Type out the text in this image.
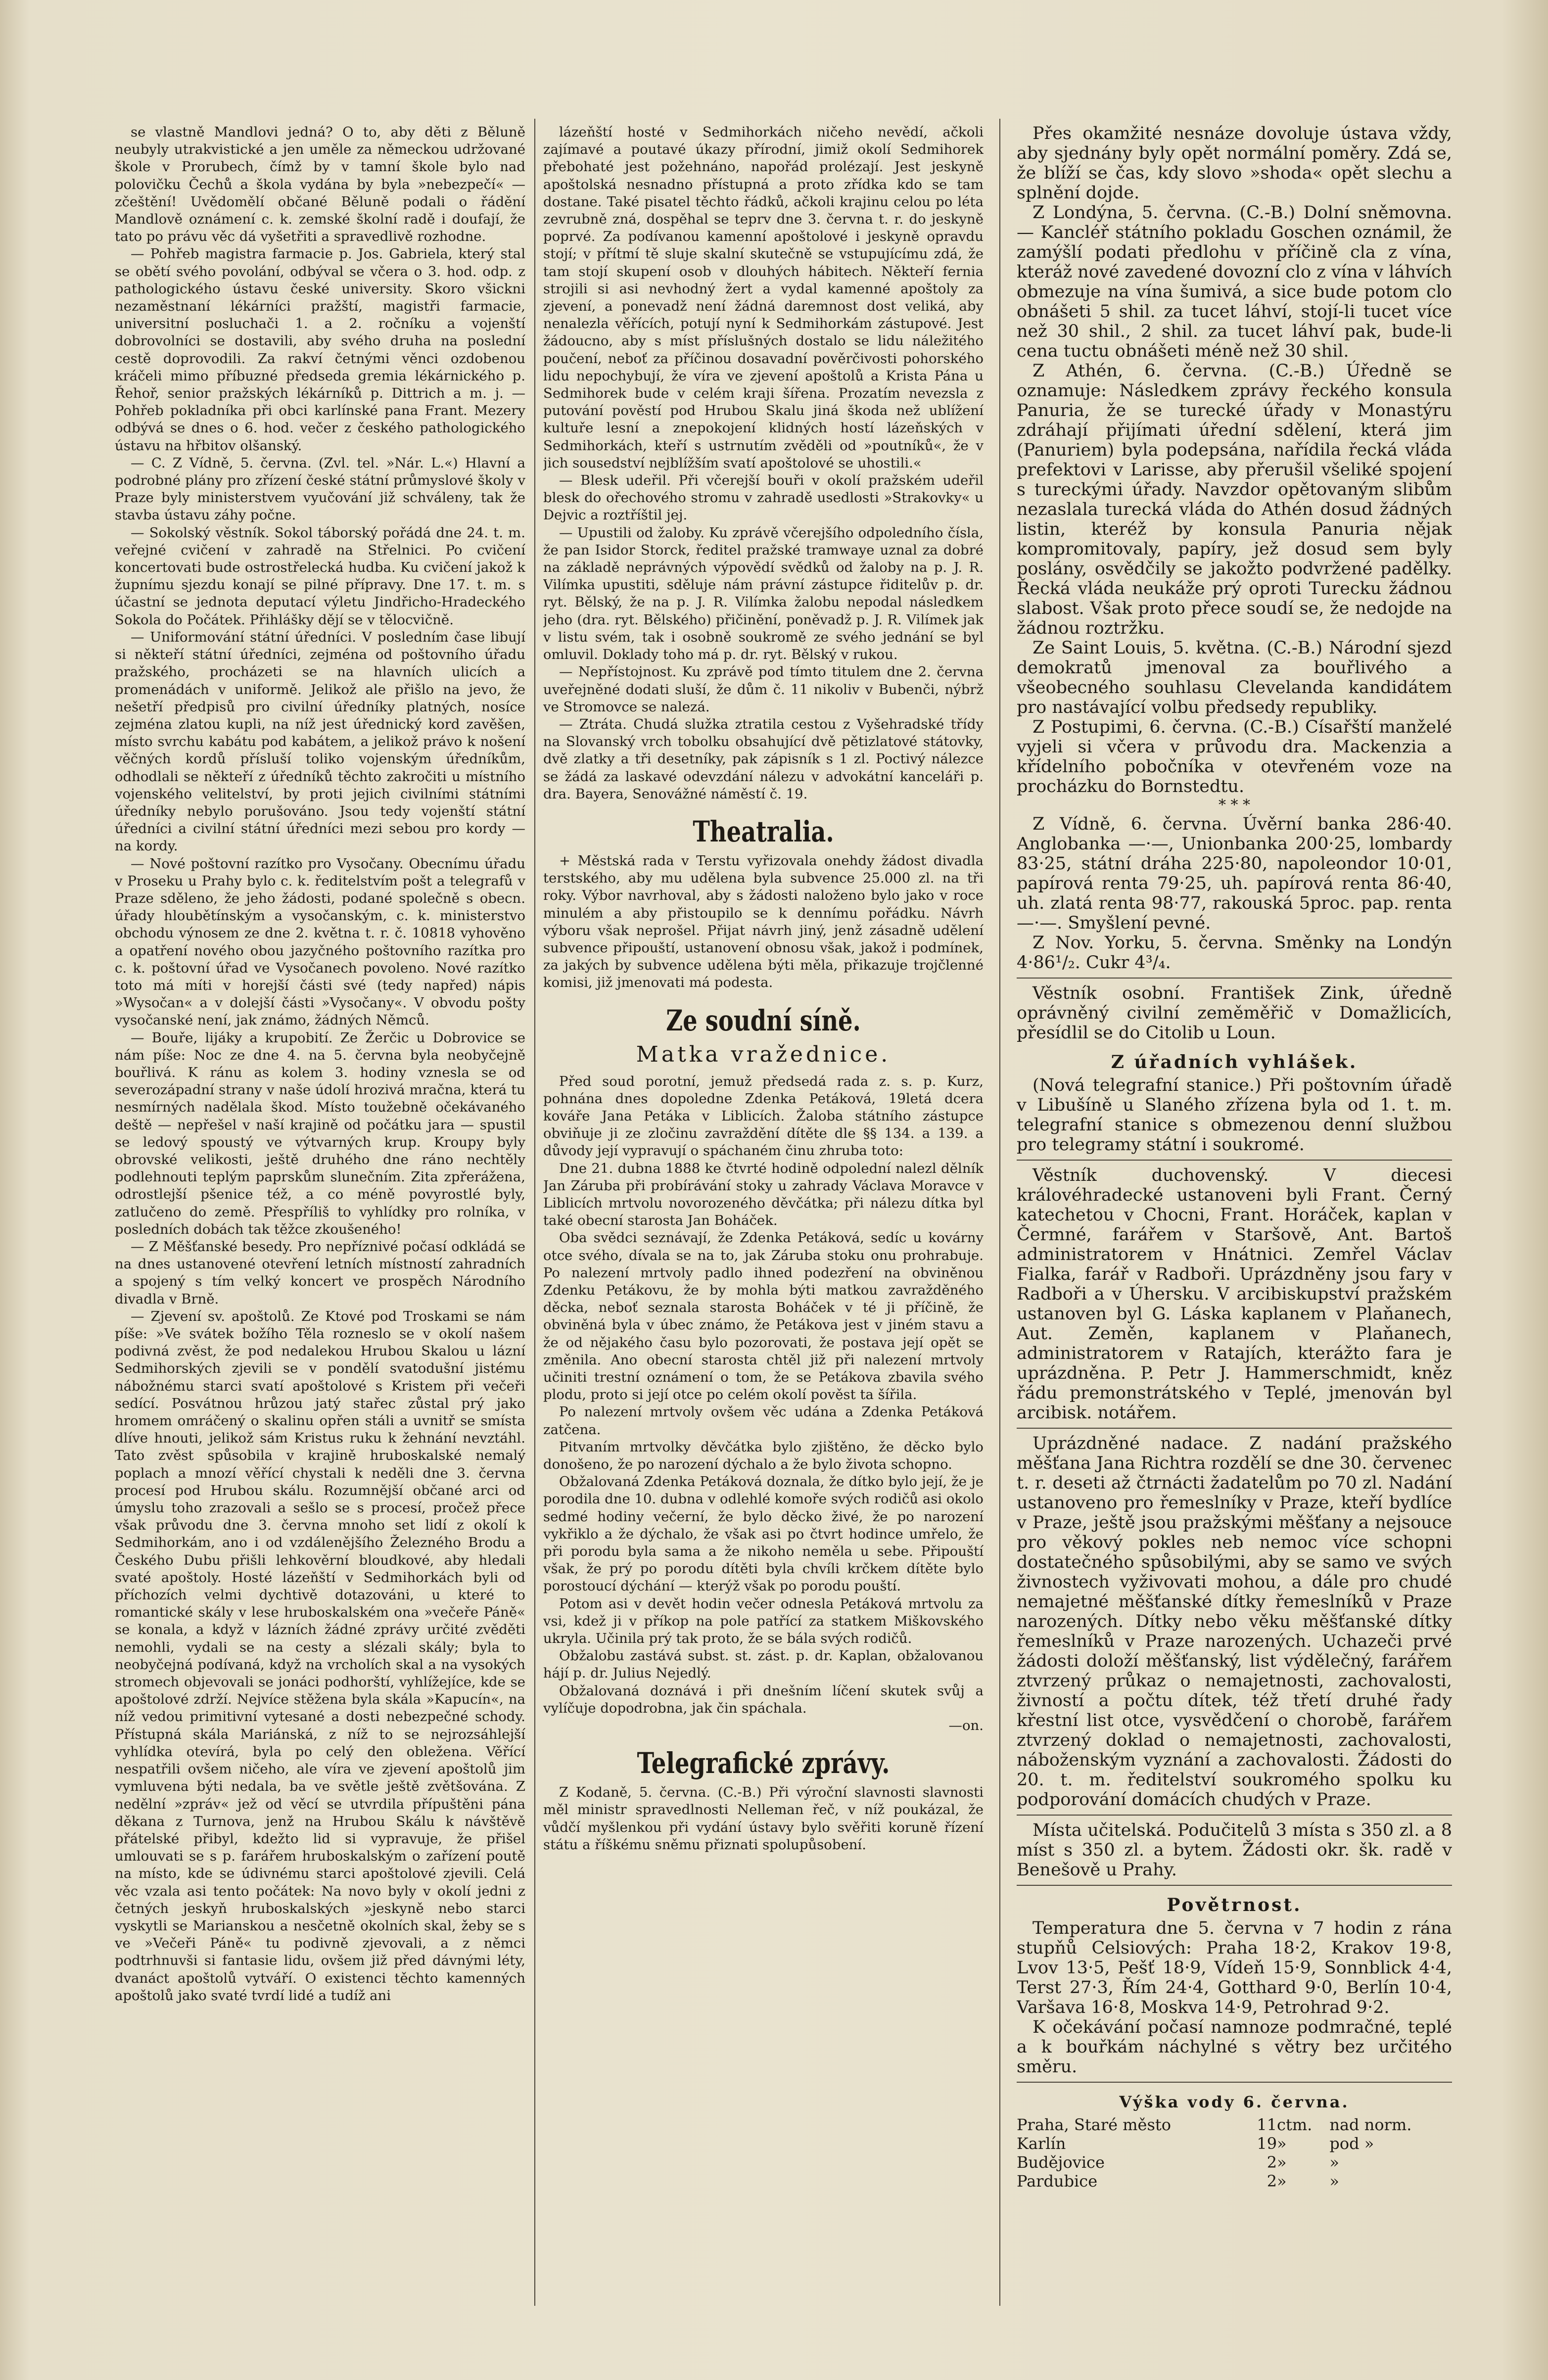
se vlastně Mandlovi jedná? O to, aby děti z Běluně neubyly utrakvistické a jen uměle za německou udržované škole v Prorubech, čímž by v tamní škole bylo nad polovičku Čechů a škola vydána by byla »nebezpečí« — zčeštění! Uvědomělí občané Běluně podali o řádění Mandlově oznámení c. k. zemské školní radě i doufají, že tato po právu věc dá vyšetřiti a spravedlivě rozhodne.

— Pohřeb magistra farmacie p. Jos. Gabriela, který stal se obětí svého povolání, odbýval se včera o 3. hod. odp. z pathologického ústavu české university. Skoro všickni nezaměstnaní lékárníci pražští, magistři farmacie, universitní posluchači 1. a 2. ročníku a vojenští dobrovolníci se dostavili, aby svého druha na poslední cestě doprovodili. Za rakví četnými věnci ozdobenou kráčeli mimo příbuzné předseda gremia lékárnického p. Řehoř, senior pražských lékárníků p. Dittrich a m. j. — Pohřeb pokladníka při obci karlínské pana Frant. Mezery odbývá se dnes o 6. hod. večer z českého pathologického ústavu na hřbitov olšanský.

— C. Z Vídně, 5. června. (Zvl. tel. »Nár. L.«) Hlavní a podrobné plány pro zřízení české státní průmyslové školy v Praze byly ministerstvem vyučování již schváleny, tak že stavba ústavu záhy počne.

— Sokolský věstník. Sokol táborský pořádá dne 24. t. m. veřejné cvičení v zahradě na Střelnici. Po cvičení koncertovati bude ostrostřelecká hudba. Ku cvičení jakož k župnímu sjezdu konají se pilné přípravy. Dne 17. t. m. s účastní se jednota deputací výletu Jindřicho-Hradeckého Sokola do Počátek. Přihlášky dějí se v tělocvičně.

— Uniformování státní úředníci. V posledním čase libují si někteří státní úředníci, zejména od poštovního úřadu pražského, procházeti se na hlavních ulicích a promenádách v uniformě. Jelikož ale přišlo na jevo, že nešetří předpisů pro civilní úředníky platných, nosíce zejména zlatou kupli, na níž jest úřednický kord zavěšen, místo svrchu kabátu pod kabátem, a jelikož právo k nošení věčných kordů přísluší toliko vojenským úředníkům, odhodlali se někteří z úředníků těchto zakročiti u místního vojenského velitelství, by proti jejich civilními státními úředníky nebylo porušováno. Jsou tedy vojenští státní úředníci a civilní státní úředníci mezi sebou pro kordy — na kordy.

— Nové poštovní razítko pro Vysočany. Obecnímu úřadu v Proseku u Prahy bylo c. k. ředitelstvím pošt a telegrafů v Praze sděleno, že jeho žádosti, podané společně s obecn. úřady hloubětínským a vysočanským, c. k. ministerstvo obchodu výnosem ze dne 2. května t. r. č. 10818 vyhověno a opatření nového obou jazyčného poštovního razítka pro c. k. poštovní úřad ve Vysočanech povoleno. Nové razítko toto má míti v horejší části své (tedy napřed) nápis »Wysočan« a v dolejší části »Vysočany«. V obvodu pošty vysočanské není, jak známo, žádných Němců.

— Bouře, lijáky a krupobití. Ze Žerčic u Dobrovice se nám píše: Noc ze dne 4. na 5. června byla neobyčejně bouřlivá. K ránu as kolem 3. hodiny vznesla se od severozápadní strany v naše údolí hrozivá mračna, která tu nesmírných nadělala škod. Místo toužebně očekávaného deště — nepřešel v naší krajině od počátku jara — spustil se ledový spoustý ve výtvarných krup. Kroupy byly obrovské velikosti, ještě druhého dne ráno nechtěly podlehnouti teplým paprskům slunečním. Zita zpřerážena, odrostlejší pšenice též, a co méně povyrostlé byly, zatlučeno do země. Přespříliš to vyhlídky pro rolníka, v posledních dobách tak těžce zkoušeného!

— Z Měšťanské besedy. Pro nepříznivé počasí odkládá se na dnes ustanovené otevření letních místností zahradních a spojený s tím velký koncert ve prospěch Národního divadla v Brně.

— Zjevení sv. apoštolů. Ze Ktové pod Troskami se nám píše: »Ve svátek božího Těla rozneslo se v okolí našem podivná zvěst, že pod nedalekou Hrubou Skalou u lázní Sedmihorských zjevili se v pondělí svatodušní jistému nábožnému starci svatí apoštolové s Kristem při večeři sedící. Posvátnou hrůzou jatý stařec zůstal prý jako hromem omráčený o skalinu opřen stáli a uvnitř se smísta dlíve hnouti, jelikož sám Kristus ruku k žehnání nevztáhl. Tato zvěst spůsobila v krajině hruboskalské nemalý poplach a mnozí věřící chystali k neděli dne 3. června procesí pod Hrubou skálu. Rozumnější občané arci od úmyslu toho zrazovali a sešlo se s procesí, pročež přece však průvodu dne 3. června mnoho set lidí z okolí k Sedmihorkám, ano i od vzdálenějšího Železného Brodu a Českého Dubu přišli lehkověrní bloudkové, aby hledali svaté apoštoly. Hosté lázeňští v Sedmihorkách byli od příchozích velmi dychtivě dotazováni, u které to romantické skály v lese hruboskalském ona »večeře Páně« se konala, a když v lázních žádné zprávy určité zvěděti nemohli, vydali se na cesty a slézali skály; byla to neobyčejná podívaná, když na vrcholích skal a na vysokých stromech objevovali se jonáci podhorští, vyhlížejíce, kde se apoštolové zdrží. Nejvíce stěžena byla skála »Kapucín«, na níž vedou primitivní vytesané a dosti nebezpečné schody. Přístupná skála Mariánská, z níž to se nejrozsáhlejší vyhlídka otevírá, byla po celý den obležena. Věřící nespatřili ovšem ničeho, ale víra ve zjevení apoštolů jim vymluvena býti nedala, ba ve světle ještě zvětšována. Z nedělní »zpráv« jež od věcí se utvrdila přípuštěni pána děkana z Turnova, jenž na Hrubou Skálu k návštěvě přátelské přibyl, kdežto lid si vypravuje, že přišel umlouvati se s p. farářem hruboskalským o zařízení poutě na místo, kde se údivnému starci apoštolové zjevili. Celá věc vzala asi tento počátek: Na novo byly v okolí jedni z četných jeskyň hruboskalských »jeskyně nebo starci vyskytli se Marianskou a nesčetně okolních skal, žeby se s ve »Večeři Páně« tu podivně zjevovali, a z němci podtrhnuvši si fantasie lidu, ovšem již před dávnými léty, dvanáct apoštolů vytváří. O existenci těchto kamenných apoštolů jako svaté tvrdí lidé a tudíž ani

lázeňští hosté v Sedmihorkách ničeho nevědí, ačkoli zajímavé a poutavé úkazy přírodní, jimiž okolí Sedmihorek přebohaté jest požehnáno, napořád prolézají. Jest jeskyně apoštolská nesnadno přístupná a proto zřídka kdo se tam dostane. Také pisatel těchto řádků, ačkoli krajinu celou po léta zevrubně zná, dospěhal se teprv dne 3. června t. r. do jeskyně poprvé. Za podívanou kamenní apoštolové i jeskyně opravdu stojí; v přítmí tě sluje skalní skutečně se vstupujícímu zdá, že tam stojí skupení osob v dlouhých hábitech. Někteří fernia strojili si asi nevhodný žert a vydal kamenné apoštoly za zjevení, a ponevadž není žádná daremnost dost veliká, aby nenalezla věřících, potují nyní k Sedmihorkám zástupové. Jest žádoucno, aby s míst příslušných dostalo se lidu náležitého poučení, neboť za příčinou dosavadní pověrčivosti pohorského lidu nepochybují, že víra ve zjevení apoštolů a Krista Pána u Sedmihorek bude v celém kraji šířena. Prozatím nevezsla z putování pověstí pod Hrubou Skalu jiná škoda než ublížení kultuře lesní a znepokojení klidných hostí lázeňských v Sedmihorkách, kteří s ustrnutím zvěděli od »poutníků«, že v jich sousedství nejblížším svatí apoštolové se uhostili.«

— Blesk udeřil. Při včerejší bouři v okolí pražském udeřil blesk do ořechového stromu v zahradě usedlosti »Strakovky« u Dejvic a roztříštil jej.

— Upustili od žaloby. Ku zprávě včerejšího odpoledního čísla, že pan Isidor Storck, ředitel pražské tramwaye uznal za dobré na základě neprávných výpovědí svědků od žaloby na p. J. R. Vilímka upustiti, sděluje nám právní zástupce řiditelův p. dr. ryt. Bělský, že na p. J. R. Vilímka žalobu nepodal následkem jeho (dra. ryt. Bělského) přičinění, poněvadž p. J. R. Vilímek jak v listu svém, tak i osobně soukromě ze svého jednání se byl omluvil. Doklady toho má p. dr. ryt. Bělský v rukou.

— Nepřístojnost. Ku zprávě pod tímto titulem dne 2. června uveřejněné dodati sluší, že dům č. 11 nikoliv v Bubenči, nýbrž ve Stromovce se nalezá.

— Ztráta. Chudá služka ztratila cestou z Vyšehradské třídy na Slovanský vrch tobolku obsahující dvě pětizlatové státovky, dvě zlatky a tři desetníky, pak zápisník s 1 zl. Poctivý nálezce se žádá za laskavé odevzdání nálezu v advokátní kanceláři p. dra. Bayera, Senovážné náměstí č. 19.

Theatralia.

+ Městská rada v Terstu vyřizovala onehdy žádost divadla terstského, aby mu udělena byla subvence 25.000 zl. na tři roky. Výbor navrhoval, aby s žádosti naloženo bylo jako v roce minulém a aby přistoupilo se k dennímu pořádku. Návrh výboru však neprošel. Přijat návrh jiný, jenž zásadně udělení subvence připouští, ustanovení obnosu však, jakož i podmínek, za jakých by subvence udělena býti měla, přikazuje trojčlenné komisi, již jmenovati má podesta.

Ze soudní síně.
Matka vražednice.

Před soud porotní, jemuž předsedá rada z. s. p. Kurz, pohnána dnes dopoledne Zdenka Petáková, 19letá dcera kováře Jana Petáka v Liblicích. Žaloba státního zástupce obviňuje ji ze zločinu zavraždění dítěte dle §§ 134. a 139. a důvody její vypravují o spáchaném činu zhruba toto:

Dne 21. dubna 1888 ke čtvrté hodině odpolední nalezl dělník Jan Záruba při probírávání stoky u zahrady Václava Moravce v Liblicích mrtvolu novorozeného děvčátka; při nálezu dítka byl také obecní starosta Jan Boháček.

Oba svědci seznávají, že Zdenka Petáková, sedíc u kovárny otce svého, dívala se na to, jak Záruba stoku onu prohrabuje. Po nalezení mrtvoly padlo ihned podezření na obviněnou Zdenku Petákovu, že by mohla býti matkou zavražděného děcka, neboť seznala starosta Boháček v té ji příčině, že obviněná byla v úbec známo, že Petákova jest v jiném stavu a že od nějakého času bylo pozorovati, že postava její opět se změnila. Ano obecní starosta chtěl již při nalezení mrtvoly učiniti trestní oznámení o tom, že se Petákova zbavila svého plodu, proto si její otce po celém okolí pověst ta šířila.

Po nalezení mrtvoly ovšem věc udána a Zdenka Petáková zatčena.

Pitvaním mrtvolky děvčátka bylo zjištěno, že děcko bylo donošeno, že po narození dýchalo a že bylo života schopno.

Obžalovaná Zdenka Petáková doznala, že dítko bylo její, že je porodila dne 10. dubna v odlehlé komoře svých rodičů asi okolo sedmé hodiny večerní, že bylo děcko živé, že po narození vykřiklo a že dýchalo, že však asi po čtvrt hodince umřelo, že při porodu byla sama a že nikoho neměla u sebe. Připouští však, že prý po porodu dítěti byla chvíli krčkem dítěte bylo porostoucí dýchání — kterýž však po porodu pouští.

Potom asi v devět hodin večer odnesla Petáková mrtvolu za vsi, kdež ji v příkop na pole patřící za statkem Miškovského ukryla. Učinila prý tak proto, že se bála svých rodičů.

Obžalobu zastává subst. st. zást. p. dr. Kaplan, obžalovanou hájí p. dr. Julius Nejedlý.

Obžalovaná doznává i při dnešním líčení skutek svůj a vylíčuje dopodrobna, jak čin spáchala.

—on.

Telegrafické zprávy.

Z Kodaně, 5. června. (C.-B.) Při výroční slavnosti slavnosti měl ministr spravedlnosti Nelleman řeč, v níž poukázal, že vůdčí myšlenkou při vydání ústavy bylo svěřiti koruně řízení státu a říškému sněmu přiznati spolupůsobení.

Přes okamžité nesnáze dovoluje ústava vždy, aby sjednány byly opět normální poměry. Zdá se, že blíží se čas, kdy slovo »shoda« opět slechu a splnění dojde.

Z Londýna, 5. června. (C.-B.) Dolní sněmovna. — Kancléř státního pokladu Goschen oznámil, že zamýšlí podati předlohu v příčině cla z vína, kteráž nové zavedené dovozní clo z vína v láhvích obmezuje na vína šumivá, a sice bude potom clo obnášeti 5 shil. za tucet láhví, stojí-li tucet více než 30 shil., 2 shil. za tucet láhví pak, bude-li cena tuctu obnášeti méně než 30 shil.

Z Athén, 6. června. (C.-B.) Úředně se oznamuje: Následkem zprávy řeckého konsula Panuria, že se turecké úřady v Monastýru zdráhají přijímati úřední sdělení, která jim (Panuriem) byla podepsána, nařídila řecká vláda prefektovi v Larisse, aby přerušil všeliké spojení s tureckými úřady. Navzdor opětovaným slibům nezaslala turecká vláda do Athén dosud žádných listin, kteréž by konsula Panuria nějak kompromitovaly, papíry, jež dosud sem byly poslány, osvědčily se jakožto podvržené padělky. Řecká vláda neukáže prý oproti Turecku žádnou slabost. Však proto přece soudí se, že nedojde na žádnou roztržku.

Ze Saint Louis, 5. května. (C.-B.) Národní sjezd demokratů jmenoval za bouřlivého a všeobecného souhlasu Clevelanda kandidátem pro nastávající volbu předsedy republiky.

Z Postupimi, 6. června. (C.-B.) Císařští manželé vyjeli si včera v průvodu dra. Mackenzia a křídelního pobočníka v otevřeném voze na procházku do Bornstedtu.

* * *

Z Vídně, 6. června. Úvěrní banka 286·40. Anglobanka —·—, Unionbanka 200·25, lombardy 83·25, státní dráha 225·80, napoleondor 10·01, papírová renta 79·25, uh. papírová renta 86·40, uh. zlatá renta 98·77, rakouská 5proc. pap. renta —·—. Smyšlení pevné.

Z Nov. Yorku, 5. června. Směnky na Londýn 4·86¹/₂. Cukr 4³/₄.

Věstník osobní. František Zink, úředně oprávněný civilní zeměměřič v Domažlicích, přesídlil se do Citolib u Loun.

Z úřadních vyhlášek.

(Nová telegrafní stanice.) Při poštovním úřadě v Libušíně u Slaného zřízena byla od 1. t. m. telegrafní stanice s obmezenou denní službou pro telegramy státní i soukromé.

Věstník duchovenský. V diecesi královéhradecké ustanoveni byli Frant. Černý katechetou v Chocni, Frant. Horáček, kaplan v Čermné, farářem v Staršově, Ant. Bartoš administratorem v Hnátnici. Zemřel Václav Fialka, farář v Radboři. Uprázdněny jsou fary v Radboři a v Úhersku. V arcibiskupství pražském ustanoven byl G. Láska kaplanem v Plaňanech, Aut. Zeměn, kaplanem v Plaňanech, administratorem v Ratajích, kterážto fara je uprázdněna. P. Petr J. Hammerschmidt, kněz řádu premonstrátského v Teplé, jmenován byl arcibisk. notářem.

Uprázdněné nadace. Z nadání pražského měšťana Jana Richtra rozdělí se dne 30. červenec t. r. deseti až čtrnácti žadatelům po 70 zl. Nadání ustanoveno pro řemeslníky v Praze, kteří bydlíce v Praze, ještě jsou pražskými měšťany a nejsouce pro věkový pokles neb nemoc více schopni dostatečného spůsobilými, aby se samo ve svých živnostech vyživovati mohou, a dále pro chudé nemajetné měšťanské dítky řemeslníků v Praze narozených. Dítky nebo věku měšťanské dítky řemeslníků v Praze narozených. Uchazeči prvé žádosti doloží měšťanský, list výdělečný, farářem ztvrzený průkaz o nemajetnosti, zachovalosti, živností a počtu dítek, též třetí druhé řady křestní list otce, vysvědčení o chorobě, farářem ztvrzený doklad o nemajetnosti, zachovalosti, náboženským vyznání a zachovalosti. Žádosti do 20. t. m. ředitelství soukromého spolku ku podporování domácích chudých v Praze.

Místa učitelská. Podučitelů 3 místa s 350 zl. a 8 míst s 350 zl. a bytem. Žádosti okr. šk. radě v Benešově u Prahy.

Povětrnost.

Temperatura dne 5. června v 7 hodin z rána stupňů Celsiových: Praha 18·2, Krakov 19·8, Lvov 13·5, Pešť 18·9, Vídeň 15·9, Sonnblick 4·4, Terst 27·3, Řím 24·4, Gotthard 9·0, Berlín 10·4, Varšava 16·8, Moskva 14·9, Petrohrad 9·2.

K očekávání počasí namnoze podmračné, teplé a k bouřkám náchylné s větry bez určitého směru.

Výška vody 6. června.
Praha, Staré město	11	ctm.	nad norm.
Karlín	19	»	pod »
Budějovice	2	»	»
Pardubice	2	»	»
